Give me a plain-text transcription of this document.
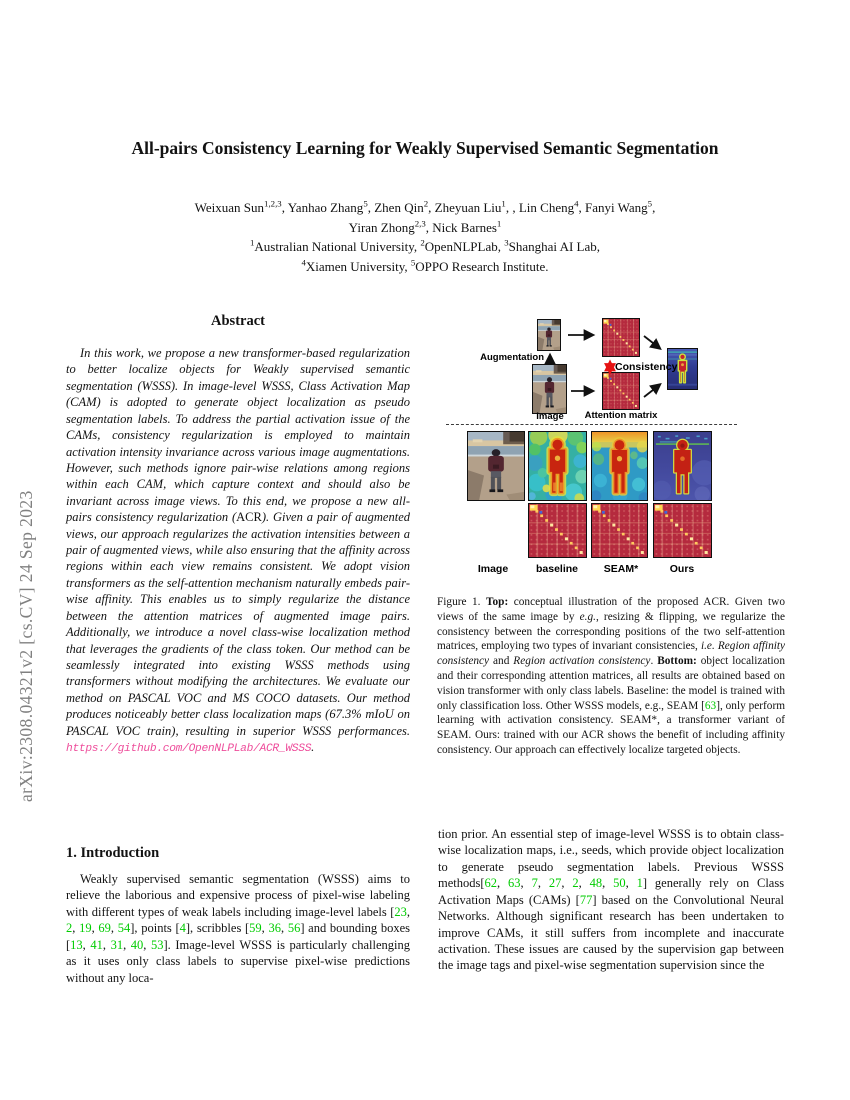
arXiv:2308.04321v2 [cs.CV] 24 Sep 2023
All-pairs Consistency Learning for Weakly Supervised Semantic Segmentation
Weixuan Sun$^{1,2,3}$, Yanhao Zhang$^5$, Zhen Qin$^2$, Zheyuan Liu$^1$, , Lin Cheng$^4$, Fanyi Wang$^5$,
Yiran Zhong$^{2,3}$, Nick Barnes$^1$
$^1$Australian National University, $^2$OpenNLPLab, $^3$Shanghai AI Lab,
$^4$Xiamen University, $^5$OPPO Research Institute.
Abstract

In this work, we propose a new transformer-based regularization to better localize objects for Weakly supervised semantic segmentation (WSSS). In image-level WSSS, Class Activation Map (CAM) is adopted to generate object localization as pseudo segmentation labels. To address the partial activation issue of the CAMs, consistency regularization is employed to maintain activation intensity invariance across various image augmentations. However, such methods ignore pair-wise relations among regions within each CAM, which capture context and should also be invariant across image views. To this end, we propose a new all-pairs consistency regularization (ACR). Given a pair of augmented views, our approach regularizes the activation intensities between a pair of augmented views, while also ensuring that the affinity across regions within each view remains consistent. We adopt vision transformers as the self-attention mechanism naturally embeds pair-wise affinity. This enables us to simply regularize the distance between the attention matrices of augmented image pairs. Additionally, we introduce a novel class-wise localization method that leverages the gradients of the class token. Our method can be seamlessly integrated into existing WSSS methods using transformers without modifying the architectures. We evaluate our method on PASCAL VOC and MS COCO datasets. Our method produces noticeably better class localization maps (67.3% mIoU on PASCAL VOC train), resulting in superior WSSS performances. https://github.com/OpenNLPLab/ACR_WSSS.

1. Introduction

Weakly supervised semantic segmentation (WSSS) aims to relieve the laborious and expensive process of pixel-wise labeling with different types of weak labels including image-level labels [23, 2, 19, 69, 54], points [4], scribbles [59, 36, 56] and bounding boxes [13, 41, 31, 40, 53]. Image-level WSSS is particularly challenging as it uses only class labels to supervise pixel-wise predictions without any loca-

Augmentation
Consistency
Image	Attention matrix
Image	baseline	SEAM*	Ours
Figure 1. Top: conceptual illustration of the proposed ACR. Given two views of the same image by e.g., resizing & flipping, we regularize the consistency between the corresponding positions of the two self-attention matrices, employing two types of invariant consistencies, i.e. Region affinity consistency and Region activation consistency. Bottom: object localization and their corresponding attention matrices, all results are obtained based on vision transformer with only class labels. Baseline: the model is trained with only classification loss. Other WSSS models, e.g., SEAM [63], only perform learning with activation consistency. SEAM*, a transformer variant of SEAM. Ours: trained with our ACR shows the benefit of including affinity consistency. Our approach can effectively localize targeted objects.

tion prior. An essential step of image-level WSSS is to obtain class-wise localization maps, i.e., seeds, which provide object localization to generate pseudo segmentation labels. Previous WSSS methods[62, 63, 7, 27, 2, 48, 50, 1] generally rely on Class Activation Maps (CAMs) [77] based on the Convolutional Neural Networks. Although significant research has been undertaken to improve CAMs, it still suffers from incomplete and inaccurate activation. These issues are caused by the supervision gap between the image tags and pixel-wise segmentation supervision since the
